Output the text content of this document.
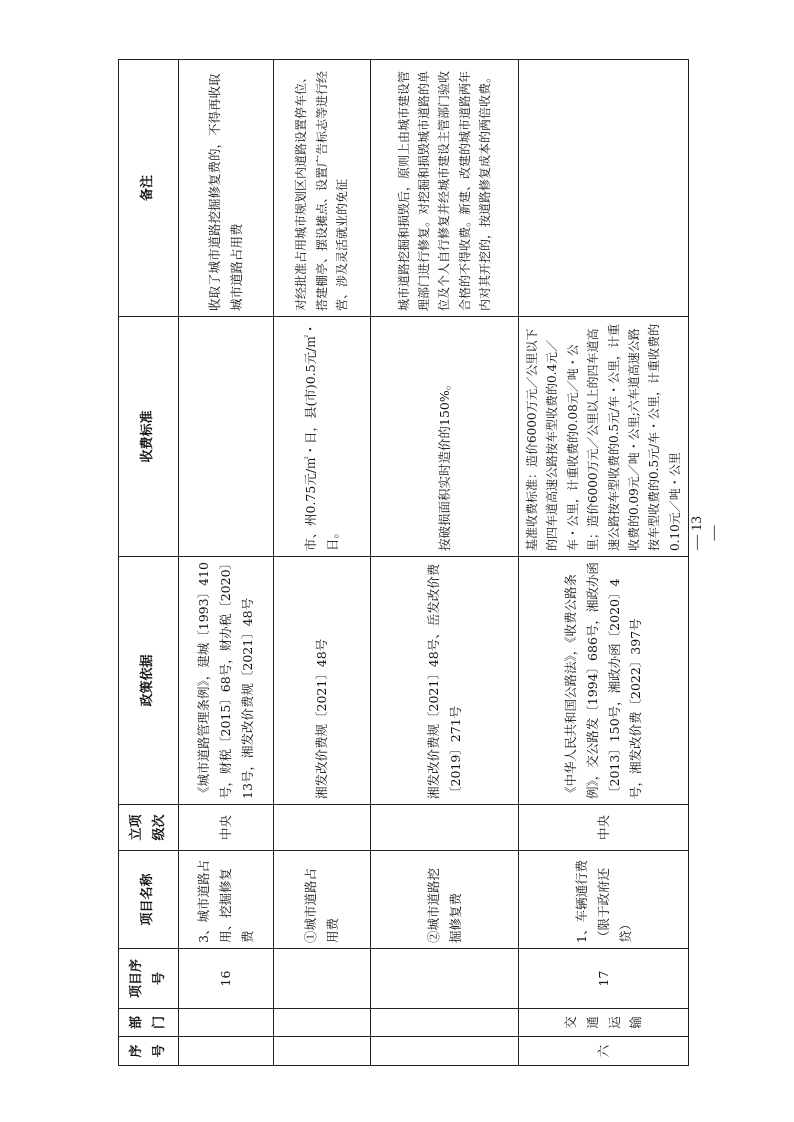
— 13 —
序号	部门	项目序号	项目名称	立项级次	政策依据	收费标准	备注
		16	3、城市道路占用、挖掘修复费	中央	《城市道路管理条例》，建城〔1993〕410号，财税〔2015〕68号，财办税〔2020〕13号，湘发改价费规〔2021〕48号		收取了城市道路挖掘修复费的，不得再收取城市道路占用费
			①城市道路占用费		湘发改价费规〔2021〕48号	市、州0.75元/㎡・日，县(市)0.5元/㎡・日。	对经批准占用城市规划区内道路设置停车位、搭建棚亭、摆设摊点、设置广告标志等进行经营、涉及灵活就业的免征
			②城市道路挖掘修复费		湘发改价费规〔2021〕48号、岳发改价费〔2019〕271号	按破损面积实时造价的150%。	城市道路挖掘和损毁后，原则上由城市建设管理部门进行修复。对挖掘和损毁城市道路的单位及个人自行修复并经城市建设主管部门验收合格的不得收费。新建、改建的城市道路两年内对其开挖的，按道路修复成本的两倍收费。
六	交通运输	17	1、车辆通行费（限于政府还贷）	中央	《中华人民共和国公路法》，《收费公路条例》，交公路发〔1994〕686号，湘政办函〔2013〕150号，湘政办函〔2020〕4号，湘发改价费〔2022〕397号	基准收费标准：造价6000万元／公里以下的四车道高速公路按车型收费的0.4元／车・公里，计重收费的0.08元／吨・公里；造价6000万元／公里以上的四车道高速公路按车型收费的0.5元/车・公里，计重收费的0.09元／吨・公里;六车道高速公路按车型收费的0.5元/车・公里，计重收费的0.10元／吨・公里	
